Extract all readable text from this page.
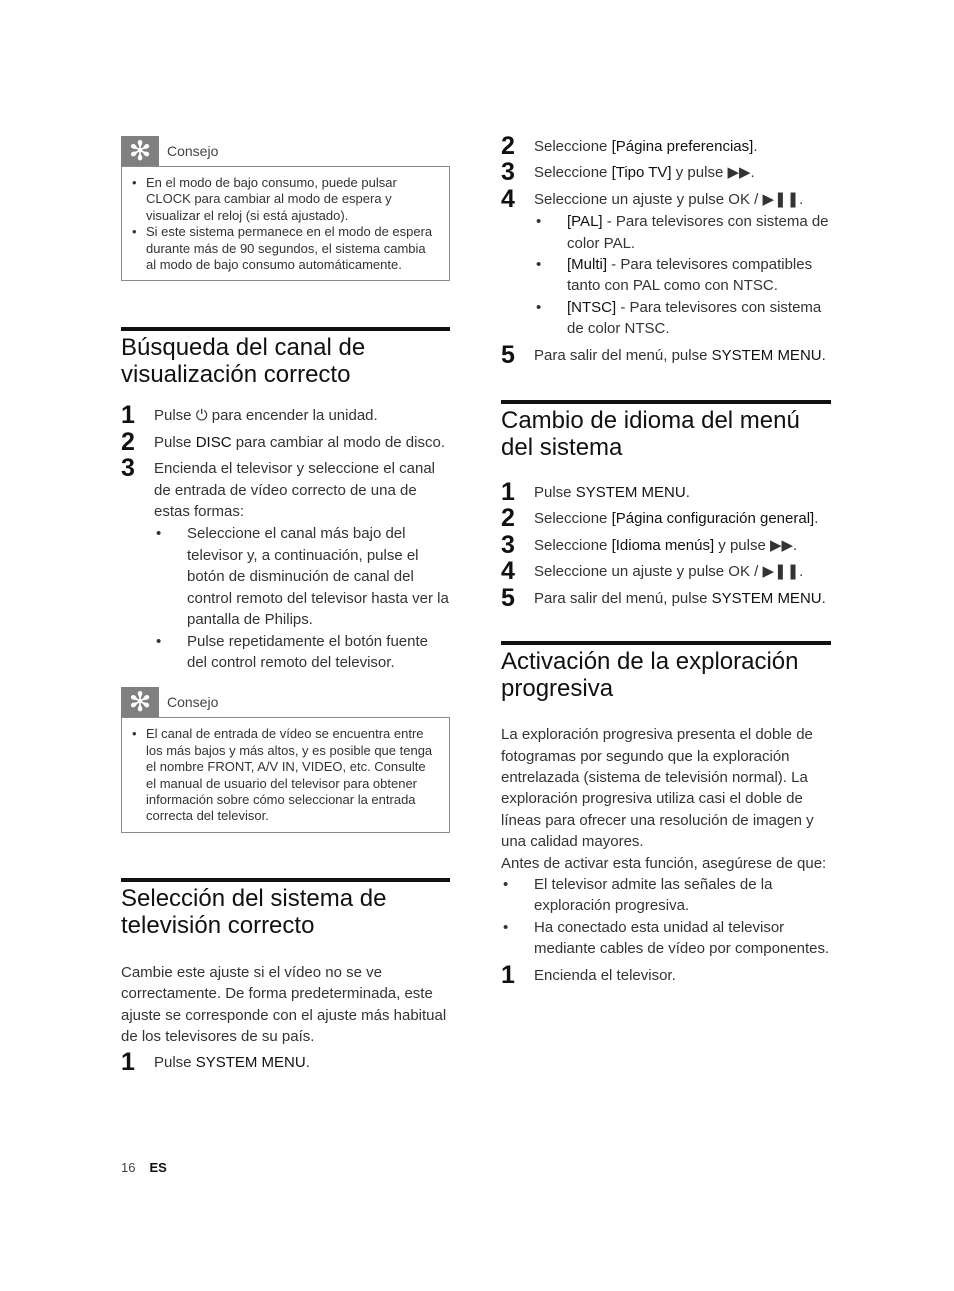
✻	Consejo
• En el modo de bajo consumo, puede pulsar CLOCK para cambiar al modo de espera y visualizar el reloj (si está ajustado).
• Si este sistema permanece en el modo de espera durante más de 90 segundos, el sistema cambia al modo de bajo consumo automáticamente.
Búsqueda del canal de visualización correcto
1 Pulse ⏻ para encender la unidad.
2 Pulse DISC para cambiar al modo de disco.
3 Encienda el televisor y seleccione el canal de entrada de vídeo correcto de una de estas formas:
• Seleccione el canal más bajo del televisor y, a continuación, pulse el botón de disminución de canal del control remoto del televisor hasta ver la pantalla de Philips.
• Pulse repetidamente el botón fuente del control remoto del televisor.
✻	Consejo
• El canal de entrada de vídeo se encuentra entre los más bajos y más altos, y es posible que tenga el nombre FRONT, A/V IN, VIDEO, etc. Consulte el manual de usuario del televisor para obtener información sobre cómo seleccionar la entrada correcta del televisor.
Selección del sistema de televisión correcto

Cambie este ajuste si el vídeo no se ve correctamente. De forma predeterminada, este ajuste se corresponde con el ajuste más habitual de los televisores de su país.

1 Pulse SYSTEM MENU.
2 Seleccione [Página preferencias].
3 Seleccione [Tipo TV] y pulse ▶▶.
4 Seleccione un ajuste y pulse OK / ▶❚❚.
• [PAL] - Para televisores con sistema de color PAL.
• [Multi] - Para televisores compatibles tanto con PAL como con NTSC.
• [NTSC] - Para televisores con sistema de color NTSC.
5 Para salir del menú, pulse SYSTEM MENU.
Cambio de idioma del menú del sistema
1 Pulse SYSTEM MENU.
2 Seleccione [Página configuración general].
3 Seleccione [Idioma menús] y pulse ▶▶.
4 Seleccione un ajuste y pulse OK / ▶❚❚.
5 Para salir del menú, pulse SYSTEM MENU.
Activación de la exploración progresiva

La exploración progresiva presenta el doble de fotogramas por segundo que la exploración entrelazada (sistema de televisión normal). La exploración progresiva utiliza casi el doble de líneas para ofrecer una resolución de imagen y una calidad mayores.

Antes de activar esta función, asegúrese de que:

• El televisor admite las señales de la exploración progresiva.
• Ha conectado esta unidad al televisor mediante cables de vídeo por componentes.
1 Encienda el televisor.
16 ES
